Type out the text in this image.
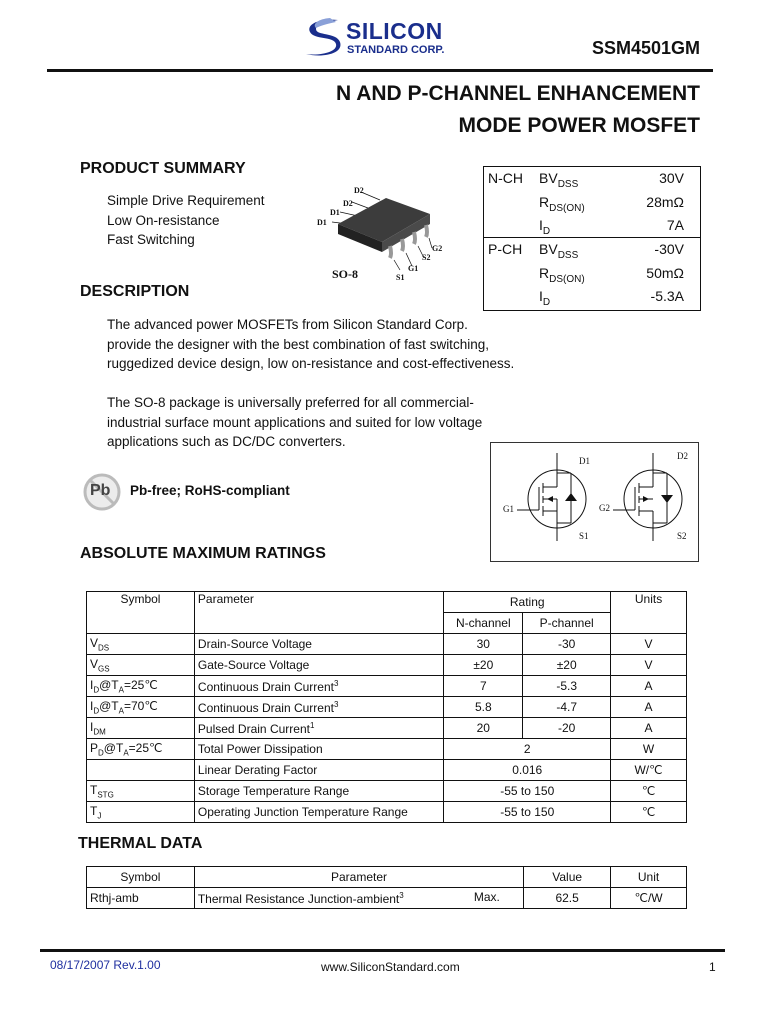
SILICON
STANDARD CORP.	SSM4501GM
N AND P-CHANNEL ENHANCEMENT
MODE POWER MOSFET
PRODUCT SUMMARY
Simple Drive Requirement
Low On-resistance
Fast Switching
D2
D2
D1
D1
G2
S2
G1
S1
SO-8
N-CH $BV_{DSS}$	30V
$R_{DS(ON)}$	28mΩ
$I_D$	7A
P-CH $BV_{DSS}$	-30V
$R_{DS(ON)}$	50mΩ
$I_D$	-5.3A
DESCRIPTION
The advanced power MOSFETs from Silicon Standard Corp.
provide the designer with the best combination of fast switching,
ruggedized device design, low on-resistance and cost-effectiveness.
The SO-8 package is universally preferred for all commercial-
industrial surface mount applications and suited for low voltage
applications such as DC/DC converters.
Pb Pb-free; RoHS-compliant
D1	D2
G1	G2
S1	S2
ABSOLUTE MAXIMUM RATINGS
Symbol	Parameter	Rating		Units
		N-channel	P-channel	
$V_{DS}$	Drain-Source Voltage	30	-30	V
$V_{GS}$	Gate-Source Voltage	±20	±20	V
$I_D@T_A=25℃$	Continuous Drain Current$^3$	7	-5.3	A
$I_D@T_A=70℃$	Continuous Drain Current$^3$	5.8	-4.7	A
$I_{DM}$	Pulsed Drain Current$^1$	20	-20	A
$P_D@T_A=25℃$	Total Power Dissipation	2		W
	Linear Derating Factor	0.016		W/℃
$T_{STG}$	Storage Temperature Range	-55 to 150		℃
$T_J$	Operating Junction Temperature Range	-55 to 150		℃
THERMAL DATA
Symbol	Parameter	Value	Unit
Rthj-amb	Thermal Resistance Junction-ambient$^3$ Max.	62.5	℃/W
08/17/2007 Rev.1.00	www.SiliconStandard.com	1
